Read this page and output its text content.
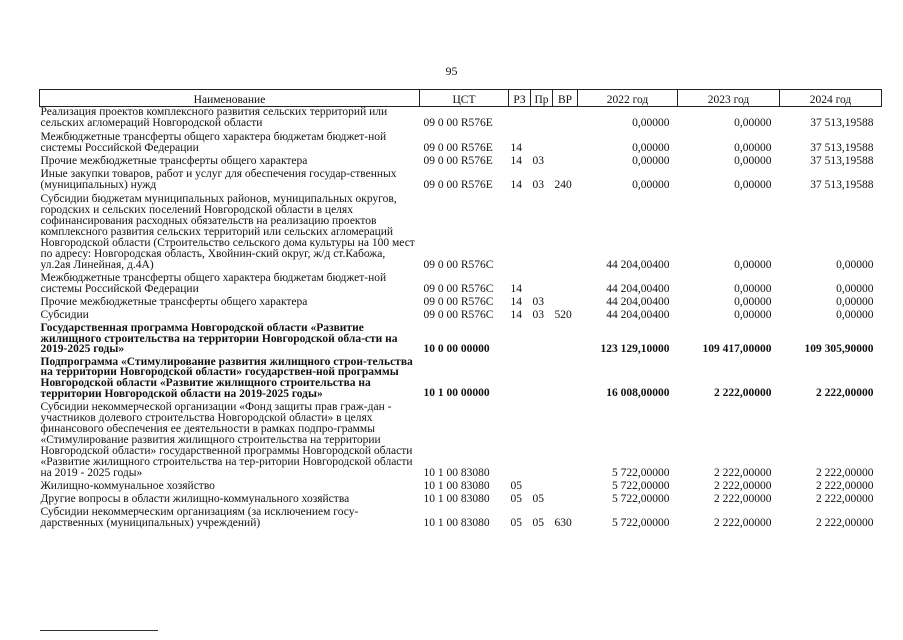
95
Наименование	ЦСТ	РЗ	Пр	ВР	2022 год	2023 год	2024 год
Реализация проектов комплексного развития сельских территорий или сельских агломераций Новгородской области	09 0 00 R576E				0,00000	0,00000	37 513,19588
Межбюджетные трансферты общего характера бюджетам бюджет-ной системы Российской Федерации	09 0 00 R576E	14			0,00000	0,00000	37 513,19588
Прочие межбюджетные трансферты общего характера	09 0 00 R576E	14	03		0,00000	0,00000	37 513,19588
Иные закупки товаров, работ и услуг для обеспечения государ-ственных (муниципальных) нужд	09 0 00 R576E	14	03	240	0,00000	0,00000	37 513,19588
Субсидии бюджетам муниципальных районов, муниципальных округов, городских и сельских поселений Новгородской области в целях софинансирования расходных обязательств на реализацию проектов комплексного развития сельских территорий или сельских агломераций Новгородской области (Строительство сельского дома культуры на 100 мест по адресу: Новгородская область, Хвойнин-ский округ, ж/д ст.Кабожа, ул.2ая Линейная, д.4А)	09 0 00 R576C				44 204,00400	0,00000	0,00000
Межбюджетные трансферты общего характера бюджетам бюджет-ной системы Российской Федерации	09 0 00 R576C	14			44 204,00400	0,00000	0,00000
Прочие межбюджетные трансферты общего характера	09 0 00 R576C	14	03		44 204,00400	0,00000	0,00000
Субсидии	09 0 00 R576C	14	03	520	44 204,00400	0,00000	0,00000
Государственная программа Новгородской области «Развитие жилищного строительства на территории Новгородской обла-сти на 2019-2025 годы»	10 0 00 00000				123 129,10000	109 417,00000	109 305,90000
Подпрограмма «Стимулирование развития жилищного строи-тельства на территории Новгородской области» государствен-ной программы Новгородской области «Развитие жилищного строительства на территории Новгородской области на 2019-2025 годы»	10 1 00 00000				16 008,00000	2 222,00000	2 222,00000
Субсидии некоммерческой организации «Фонд защиты прав граж-дан - участников долевого строительства Новгородской области» в целях финансового обеспечения ее деятельности в рамках подпро-граммы «Стимулирование развития жилищного строительства на территории Новгородской области» государственной программы Новгородской области «Развитие жилищного строительства на тер-ритории Новгородской области на 2019 - 2025 годы»	10 1 00 83080				5 722,00000	2 222,00000	2 222,00000
Жилищно-коммунальное хозяйство	10 1 00 83080	05			5 722,00000	2 222,00000	2 222,00000
Другие вопросы в области жилищно-коммунального хозяйства	10 1 00 83080	05	05		5 722,00000	2 222,00000	2 222,00000
Субсидии некоммерческим организациям (за исключением госу-дарственных (муниципальных) учреждений)	10 1 00 83080	05	05	630	5 722,00000	2 222,00000	2 222,00000
